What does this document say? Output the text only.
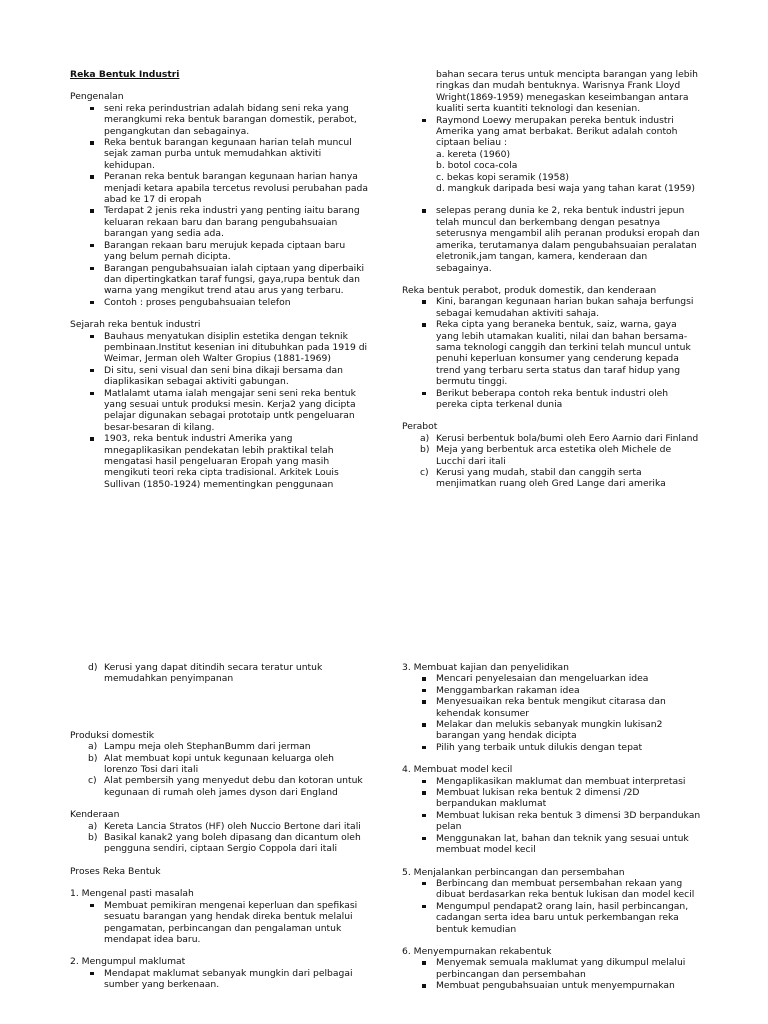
Reka Bentuk Industri
Pengenalan
seni reka perindustrian adalah bidang seni reka yang merangkumi reka bentuk barangan domestik, perabot, pengangkutan dan sebagainya.
Reka bentuk barangan kegunaan harian telah muncul sejak zaman purba untuk memudahkan aktiviti kehidupan.
Peranan reka bentuk barangan kegunaan harian hanya menjadi ketara apabila tercetus revolusi perubahan pada abad ke 17 di eropah
Terdapat 2 jenis reka industri yang penting iaitu barang keluaran rekaan baru dan barang pengubahsuaian barangan yang sedia ada.
Barangan rekaan baru merujuk kepada ciptaan baru yang belum pernah dicipta.
Barangan pengubahsuaian ialah ciptaan yang diperbaiki dan dipertingkatkan taraf fungsi, gaya,rupa bentuk dan warna yang mengikut trend atau arus yang terbaru.
Contoh : proses pengubahsuaian telefon
Sejarah reka bentuk industri
Bauhaus menyatukan disiplin estetika dengan teknik pembinaan.Institut kesenian ini ditubuhkan pada 1919 di Weimar, Jerman oleh Walter Gropius (1881-1969)
Di situ, seni visual dan seni bina dikaji bersama dan diaplikasikan sebagai aktiviti gabungan.
Matlalamt utama ialah mengajar seni seni reka bentuk yang sesuai untuk produksi mesin. Kerja2 yang dicipta pelajar digunakan sebagai prototaip untk pengeluaran besar-besaran di kilang.
1903, reka bentuk industri Amerika yang mnegaplikasikan pendekatan lebih praktikal telah mengatasi hasil pengeluaran Eropah yang masih mengikuti teori reka cipta tradisional. Arkitek Louis Sullivan (1850-1924) mementingkan penggunaan
bahan secara terus untuk mencipta barangan yang lebih ringkas dan mudah bentuknya. Warisnya Frank Lloyd Wright(1869-1959) menegaskan keseimbangan antara kualiti serta kuantiti teknologi dan kesenian.
Raymond Loewy merupakan pereka bentuk industri Amerika yang amat berbakat. Berikut adalah contoh ciptaan beliau :
a. kereta (1960)
b. botol coca-cola
c. bekas kopi seramik (1958)
d. mangkuk daripada besi waja yang tahan karat (1959)
selepas perang dunia ke 2, reka bentuk industri jepun telah muncul dan berkembang dengan pesatnya seterusnya mengambil alih peranan produksi eropah dan amerika, terutamanya dalam pengubahsuaian peralatan eletronik,jam tangan, kamera, kenderaan dan sebagainya.
Reka bentuk perabot, produk domestik, dan kenderaan
Kini, barangan kegunaan harian bukan sahaja berfungsi sebagai kemudahan aktiviti sahaja.
Reka cipta yang beraneka bentuk, saiz, warna, gaya yang lebih utamakan kualiti, nilai dan bahan bersama-sama teknologi canggih dan terkini telah muncul untuk penuhi keperluan konsumer yang cenderung kepada trend yang terbaru serta status dan taraf hidup yang bermutu tinggi.
Berikut beberapa contoh reka bentuk industri oleh pereka cipta terkenal dunia
Perabot
a) Kerusi berbentuk bola/bumi oleh Eero Aarnio dari Finland
b) Meja yang berbentuk arca estetika oleh Michele de Lucchi dari itali
c) Kerusi yang mudah, stabil dan canggih serta menjimatkan ruang oleh Gred Lange dari amerika
d) Kerusi yang dapat ditindih secara teratur untuk memudahkan penyimpanan
Produksi domestik
a) Lampu meja oleh StephanBumm dari jerman
b) Alat membuat kopi untuk kegunaan keluarga oleh lorenzo Tosi dari itali
c) Alat pembersih yang menyedut debu dan kotoran untuk kegunaan di rumah oleh james dyson dari England
Kenderaan
a) Kereta Lancia Stratos (HF) oleh Nuccio Bertone dari itali
b) Basikal kanak2 yang boleh dipasang dan dicantum oleh pengguna sendiri, ciptaan Sergio Coppola dari itali
Proses Reka Bentuk
1. Mengenal pasti masalah
Membuat pemikiran mengenai keperluan dan spefikasi sesuatu barangan yang hendak direka bentuk melalui pengamatan, perbincangan dan pengalaman untuk mendapat idea baru.
2. Mengumpul maklumat
Mendapat maklumat sebanyak mungkin dari pelbagai sumber yang berkenaan.
3. Membuat kajian dan penyelidikan
Mencari penyelesaian dan mengeluarkan idea
Menggambarkan rakaman idea
Menyesuaikan reka bentuk mengikut citarasa dan kehendak konsumer
Melakar dan melukis sebanyak mungkin lukisan2 barangan yang hendak dicipta
Pilih yang terbaik untuk dilukis dengan tepat
4. Membuat model kecil
Mengaplikasikan maklumat dan membuat interpretasi
Membuat lukisan reka bentuk 2 dimensi /2D berpandukan maklumat
Membuat lukisan reka bentuk 3 dimensi 3D berpandukan pelan
Menggunakan lat, bahan dan teknik yang sesuai untuk membuat model kecil
5. Menjalankan perbincangan dan persembahan
Berbincang dan membuat persembahan rekaan yang dibuat berdasarkan reka bentuk lukisan dan model kecil
Mengumpul pendapat2 orang lain, hasil perbincangan, cadangan serta idea baru untuk perkembangan reka bentuk kemudian
6. Menyempurnakan rekabentuk
Menyemak semuala maklumat yang dikumpul melalui perbincangan dan persembahan
Membuat pengubahsuaian untuk menyempurnakan
